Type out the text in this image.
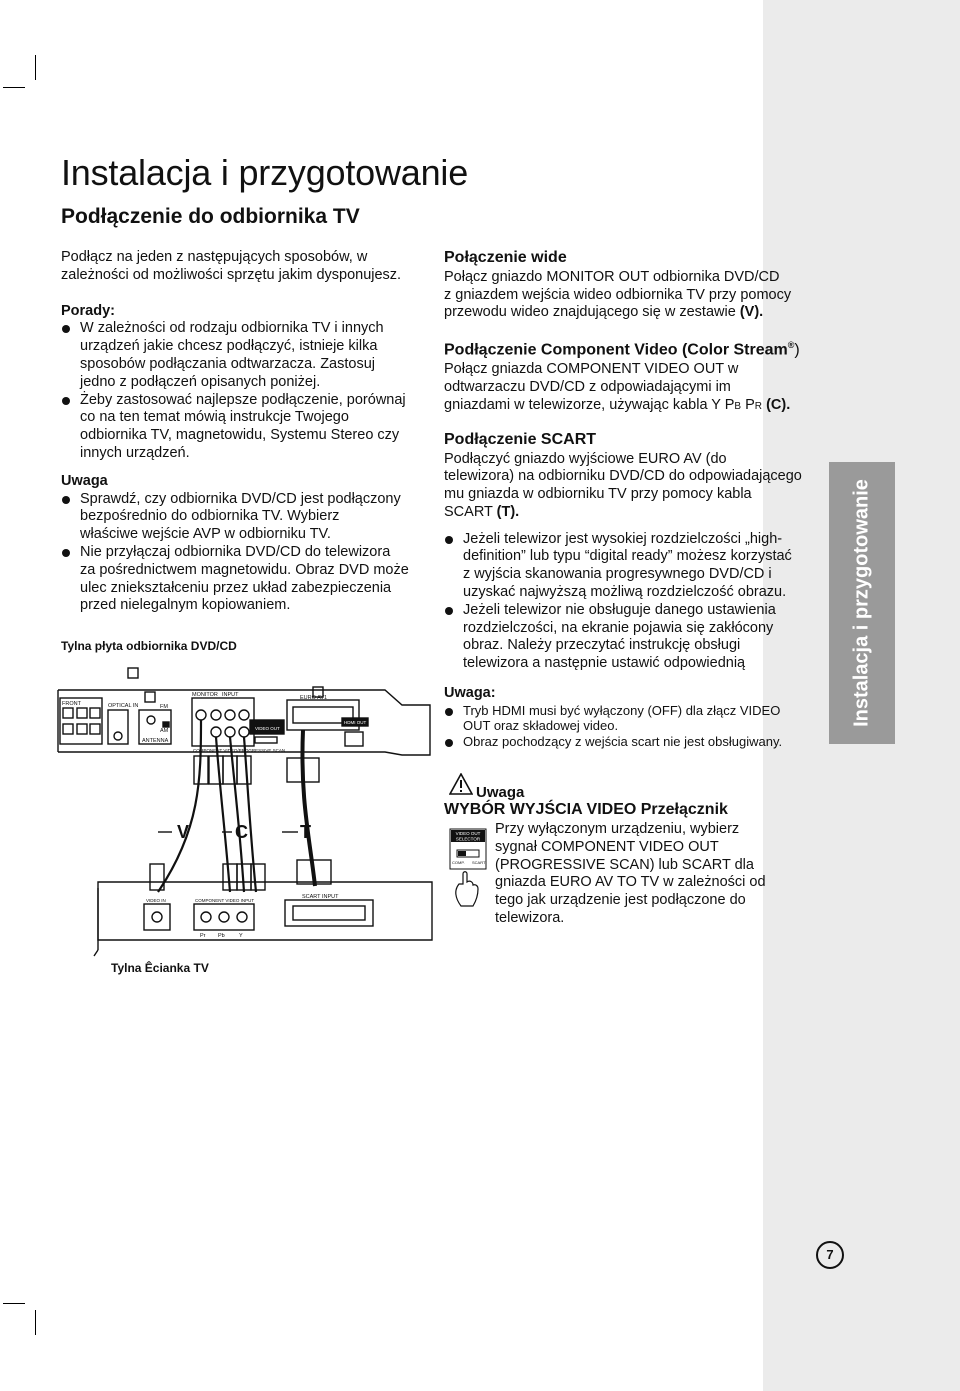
Instalacja i przygotowanie
Instalacja i przygotowanie
Podłączenie do odbiornika TV

Podłącz na jeden z następujących sposobów, w

zależności od możliwości sprzętu jakim dysponujesz.

Porady:

W zależności od rodzaju odbiornika TV i innych
urządzeń jakie chcesz podłączyć, istnieje kilka
sposobów podłączania odtwarzacza. Zastosuj
jedno z podłączeń opisanych poniżej.
Żeby zastosować najlepsze podłączenie, porównaj
co na ten temat mówią instrukcje Twojego
odbiornika TV, magnetowidu, Systemu Stereo czy
innych urządzeń.

Uwaga

Sprawdź, czy odbiornika DVD/CD jest podłączony
bezpośrednio do odbiornika TV. Wybierz
właściwe wejście AVP w odbiorniku TV.
Nie przyłączaj odbiornika DVD/CD do telewizora
za pośrednictwem magnetowidu. Obraz DVD może
ulec zniekształceniu przez układ zabezpieczenia
przed nielegalnym kopiowaniem.
Tylna płyta odbiornika DVD/CD
FRONT	OPTICAL IN	FM
AM
ANTENNA
MONITOR INPUT
COMPONENT VIDEO/PROGRESSIVE SCAN
VIDEO OUT
EURO AV1
HDMI OUT
SCART INPUT
VIDEO IN	COMPONENT VIDEO INPUT
Pr Pb	Y
V	C	T
Tylna Êcianka TV

Połączenie wide

Połącz gniazdo MONITOR OUT odbiornika DVD/CD

z gniazdem wejścia wideo odbiornika TV przy pomocy

przewodu wideo znajdującego się w zestawie (V).

Podłączenie Component Video (Color Stream®)

Połącz gniazda COMPONENT VIDEO OUT w

odtwarzaczu DVD/CD z odpowiadającymi im

gniazdami w telewizorze, używając kabla Y PB PR (C).

Podłączenie SCART

Podłączyć gniazdo wyjściowe EURO AV (do

telewizora) na odbiorniku DVD/CD do odpowiadającego

mu gniazda w odbiorniku TV przy pomocy kabla

SCART (T).

Jeżeli telewizor jest wysokiej rozdzielczości „high-
definition” lub typu “digital ready” możesz korzystać
z wyjścia skanowania progresywnego DVD/CD i
uzyskać najwyższą możliwą rozdzielczość obrazu.
Jeżeli telewizor nie obsługuje danego ustawienia
rozdzielczości, na ekranie pojawia się zakłócony
obraz. Należy przeczytać instrukcję obsługi
telewizora a następnie ustawić odpowiednią

Uwaga:

Tryb HDMI musi być wyłączony (OFF) dla złącz VIDEO
OUT oraz składowej video.
Obraz pochodzący z wejścia scart nie jest obsługiwany.
Uwaga
WYBÓR WYJŚCIA VIDEO Przełącznik
VIDEO OUT
SELECTOR
COMP. SCART

Przy wyłączonym urządzeniu, wybierz

sygnał COMPONENT VIDEO OUT

(PROGRESSIVE SCAN) lub SCART dla

gniazda EURO AV TO TV w zależności od

tego jak urządzenie jest podłączone do

telewizora.

7
